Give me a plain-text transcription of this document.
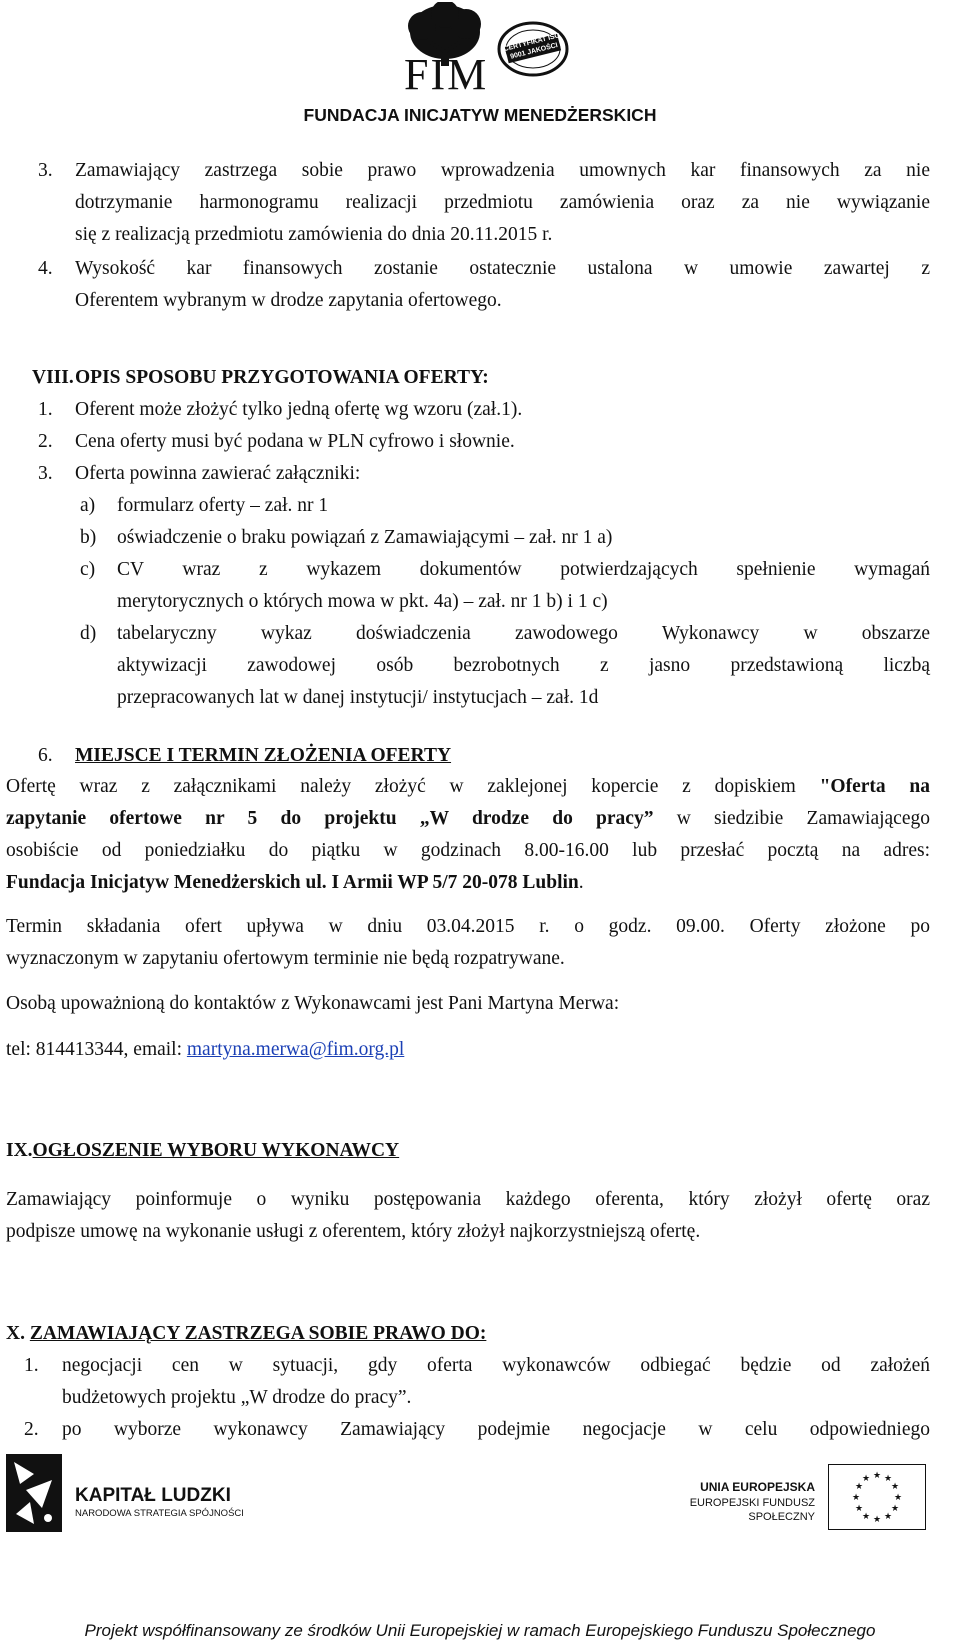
FIM
CERTYFIKAT ISO 9001 JAKOŚCI
FUNDACJA INICJATYW MENEDŻERSKICH
3. Zamawiający zastrzega sobie prawo wprowadzenia umownych kar finansowych za nie
dotrzymanie harmonogramu realizacji przedmiotu zamówienia oraz za nie wywiązanie
się z realizacją przedmiotu zamówienia do dnia 20.11.2015 r.
4. Wysokość kar finansowych zostanie ostatecznie ustalona w umowie zawartej z
Oferentem wybranym w drodze zapytania ofertowego.
VIII. OPIS SPOSOBU PRZYGOTOWANIA OFERTY:
1. Oferent może złożyć tylko jedną ofertę wg wzoru (zał.1).
2. Cena oferty musi być podana w PLN cyfrowo i słownie.
3. Oferta powinna zawierać załączniki:
a) formularz oferty – zał. nr 1
b) oświadczenie o braku powiązań z Zamawiającymi – zał. nr 1 a)
c) CV wraz z wykazem dokumentów potwierdzających spełnienie wymagań
merytorycznych o których mowa w pkt. 4a) – zał. nr 1 b) i 1 c)
d) tabelaryczny wykaz doświadczenia zawodowego Wykonawcy w obszarze
aktywizacji zawodowej osób bezrobotnych z jasno przedstawioną liczbą
przepracowanych lat w danej instytucji/ instytucjach – zał. 1d
6. MIEJSCE I TERMIN ZŁOŻENIA OFERTY
Ofertę wraz z załącznikami należy złożyć w zaklejonej kopercie z dopiskiem "Oferta na
zapytanie ofertowe nr 5 do projektu „W drodze do pracy” w siedzibie Zamawiającego
osobiście od poniedziałku do piątku w godzinach 8.00-16.00 lub przesłać pocztą na adres:
Fundacja Inicjatyw Menedżerskich ul. I Armii WP 5/7 20-078 Lublin.
Termin składania ofert upływa w dniu 03.04.2015 r. o godz. 09.00. Oferty złożone po
wyznaczonym w zapytaniu ofertowym terminie nie będą rozpatrywane.
Osobą upoważnioną do kontaktów z Wykonawcami jest Pani Martyna Merwa:
tel: 814413344, email: martyna.merwa@fim.org.pl
IX.OGŁOSZENIE WYBORU WYKONAWCY
Zamawiający poinformuje o wyniku postępowania każdego oferenta, który złożył ofertę oraz
podpisze umowę na wykonanie usługi z oferentem, który złożył najkorzystniejszą ofertę.
X. ZAMAWIAJĄCY ZASTRZEGA SOBIE PRAWO DO:
1. negocjacji cen w sytuacji, gdy oferta wykonawców odbiegać będzie od założeń
budżetowych projektu „W drodze do pracy”.
2. po wyborze wykonawcy Zamawiający podejmie negocjacje w celu odpowiedniego
KAPITAŁ LUDZKI
NARODOWA STRATEGIA SPÓJNOŚCI
UNIA EUROPEJSKA
EUROPEJSKI FUNDUSZ SPOŁECZNY
★ ★
★
★
★
★
★
★
★
★
★
★
Projekt współfinansowany ze środków Unii Europejskiej w ramach Europejskiego Funduszu Społecznego
